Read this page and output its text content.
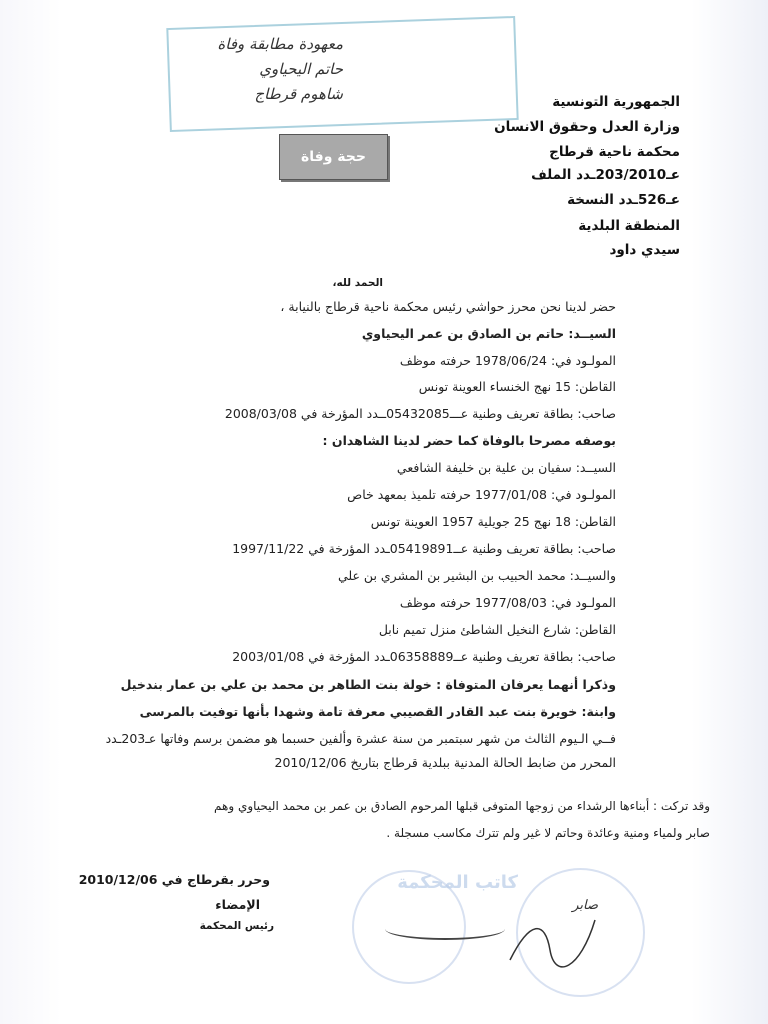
معهودة مطابقة وفاة
حاتم اليحياوي
شاهوم قرطاج	الجمهورية التونسية
وزارة العدل وحقوق الانسان
محكمة ناحية قرطاج
عـ203/2010ـدد الملف
عـ526ـدد النسخة
المنطقة البلدية
سيدي داود
حجة وفاة
الحمد لله،
حضر لدينا نحن محرز حواشي رئيس محكمة ناحية قرطاج بالنيابة ،
السيــد: حاتم بن الصادق بن عمر اليحياوي
المولـود في: 1978/06/24 حرفته موظف
القاطن: 15 نهج الخنساء العوينة تونس
صاحب: بطاقة تعريف وطنية عـــ05432085ــدد المؤرخة في 2008/03/08
بوصفه مصرحا بالوفاة كما حضر لدينا الشاهدان :
السيــد: سفيان بن علية بن خليفة الشافعي
المولـود في: 1977/01/08 حرفته تلميذ بمعهد خاص
القاطن: 18 نهج 25 جويلية 1957 العوينة تونس
صاحب: بطاقة تعريف وطنية عــ05419891ـدد المؤرخة في 1997/11/22
والسيــد: محمد الحبيب بن البشير بن المشري بن علي
المولـود في: 1977/08/03 حرفته موظف
القاطن: شارع النخيل الشاطئ منزل تميم نابل
صاحب: بطاقة تعريف وطنية عــ06358889ـدد المؤرخة في 2003/01/08
وذكرا أنهما يعرفان المتوفاة : خولة بنت الطاهر بن محمد بن علي بن عمار بندخيل
وابنة: خويرة بنت عبد القادر القصيبي معرفة تامة وشهدا بأنها توفيت بالمرسى
فــي الـيوم الثالث من شهر سبتمبر من سنة عشرة وألفين حسبما هو مضمن برسم وفاتها عـ203ـدد
المحرر من ضابط الحالة المدنية ببلدية قرطاج بتاريخ 2010/12/06
وقد تركت : أبناءها الرشداء من زوجها المتوفى قبلها المرحوم الصادق بن عمر بن محمد اليحياوي وهم
صابر ولمياء ومنية وعائدة وحاتم لا غير ولم تترك مكاسب مسجلة .
وحرر بقرطاج في 2010/12/06
الإمضاء
رئيس المحكمة
كاتب المحكمة
صابر
